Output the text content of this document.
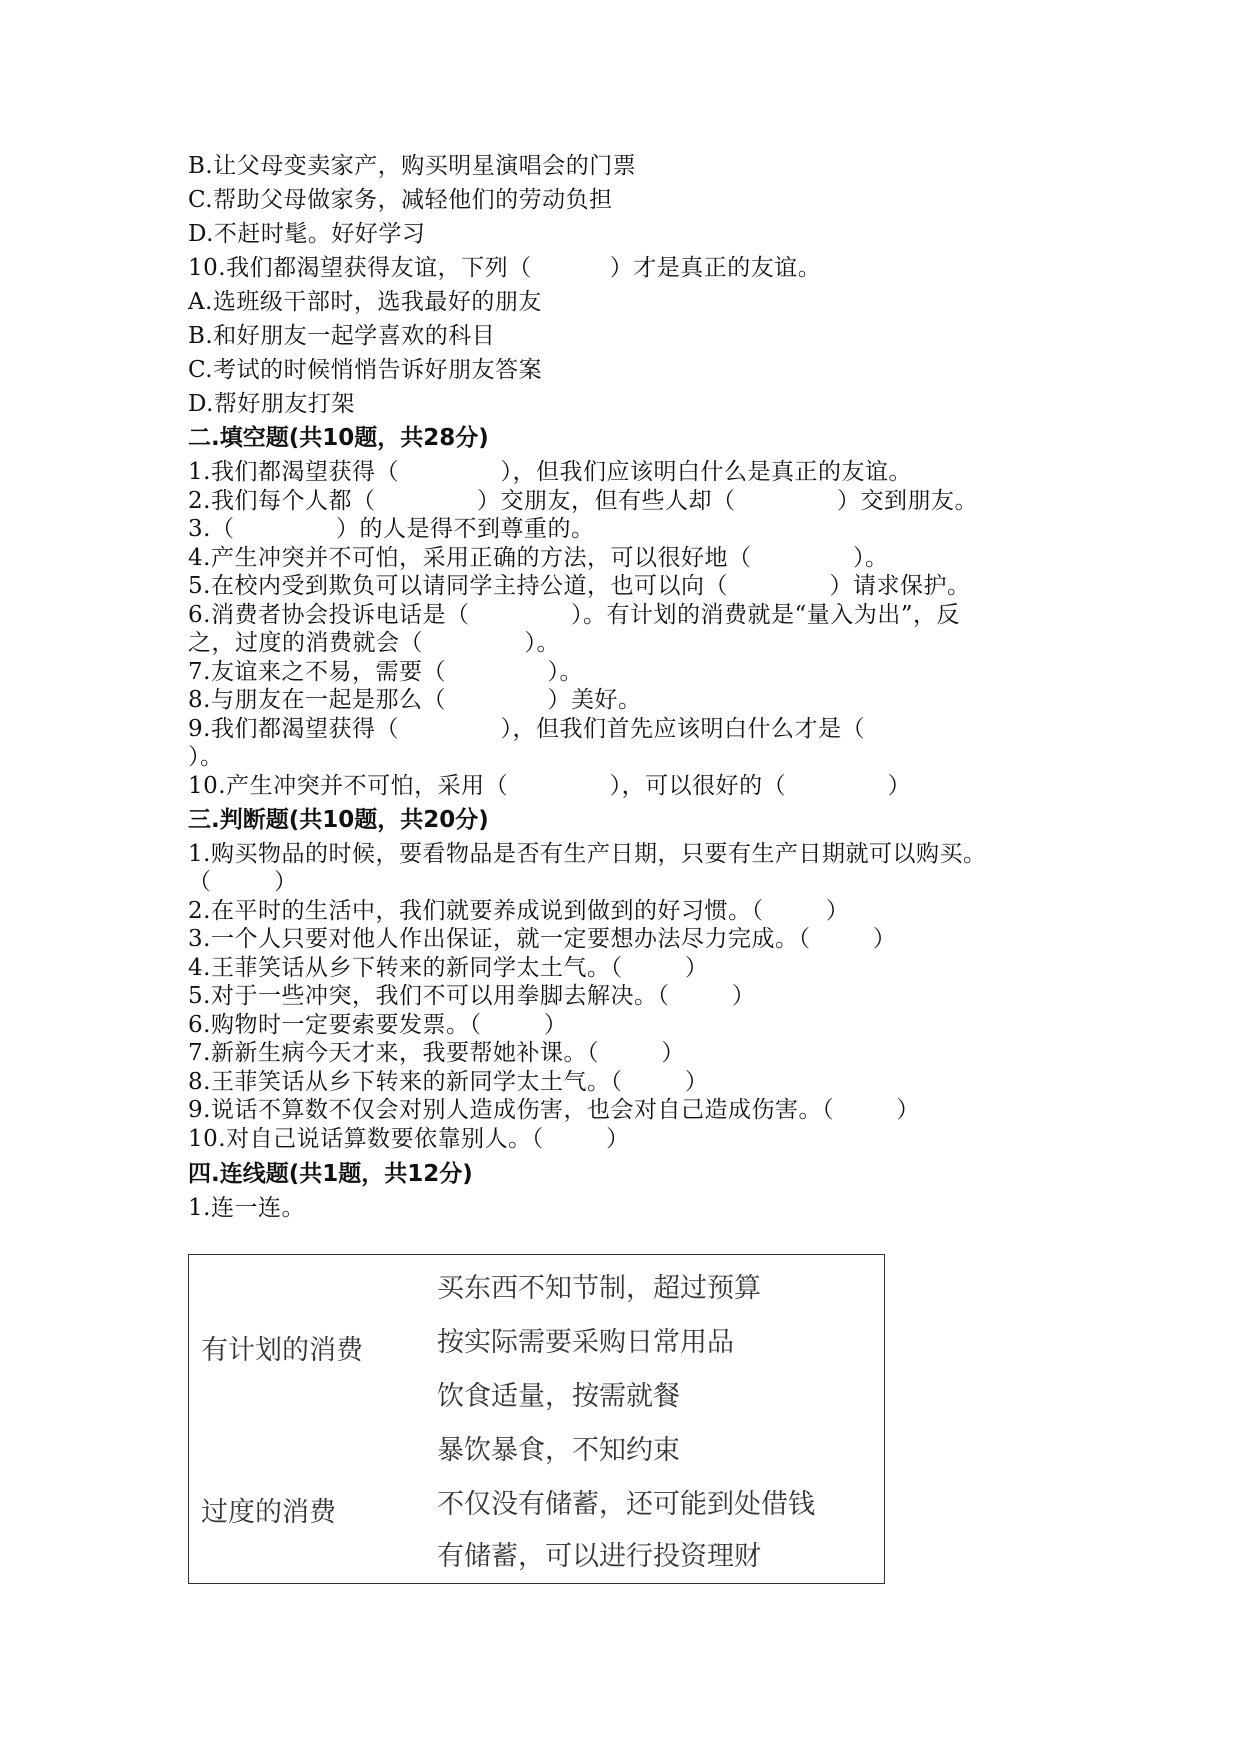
B.让父母变卖家产，购买明星演唱会的门票
C.帮助父母做家务，减轻他们的劳动负担
D.不赶时髦。好好学习
10.我们都渴望获得友谊，下列（          ）才是真正的友谊。
A.选班级干部时，选我最好的朋友
B.和好朋友一起学喜欢的科目
C.考试的时候悄悄告诉好朋友答案
D.帮好朋友打架
二.填空题(共10题，共28分)
1.我们都渴望获得（             ），但我们应该明白什么是真正的友谊。
2.我们每个人都（             ）交朋友，但有些人却（             ）交到朋友。
3.（             ）的人是得不到尊重的。
4.产生冲突并不可怕，采用正确的方法，可以很好地（             ）。
5.在校内受到欺负可以请同学主持公道，也可以向（             ）请求保护。
6.消费者协会投诉电话是（             ）。有计划的消费就是“量入为出”，反
之，过度的消费就会（             ）。
7.友谊来之不易，需要（             ）。
8.与朋友在一起是那么（             ）美好。
9.我们都渴望获得（             ），但我们首先应该明白什么才是（
）。
10.产生冲突并不可怕，采用（             ），可以很好的（             ）
三.判断题(共10题，共20分)
1.购买物品的时候，要看物品是否有生产日期，只要有生产日期就可以购买。
（        ）
2.在平时的生活中，我们就要养成说到做到的好习惯。（        ）
3.一个人只要对他人作出保证，就一定要想办法尽力完成。（        ）
4.王菲笑话从乡下转来的新同学太土气。（        ）
5.对于一些冲突，我们不可以用拳脚去解决。（        ）
6.购物时一定要索要发票。（        ）
7.新新生病今天才来，我要帮她补课。（        ）
8.王菲笑话从乡下转来的新同学太土气。（        ）
9.说话不算数不仅会对别人造成伤害，也会对自己造成伤害。（        ）
10.对自己说话算数要依靠别人。（        ）
四.连线题(共1题，共12分)
1.连一连。
有计划的消费
过度的消费
买东西不知节制，超过预算
按实际需要采购日常用品
饮食适量，按需就餐
暴饮暴食，不知约束
不仅没有储蓄，还可能到处借钱
有储蓄，可以进行投资理财
